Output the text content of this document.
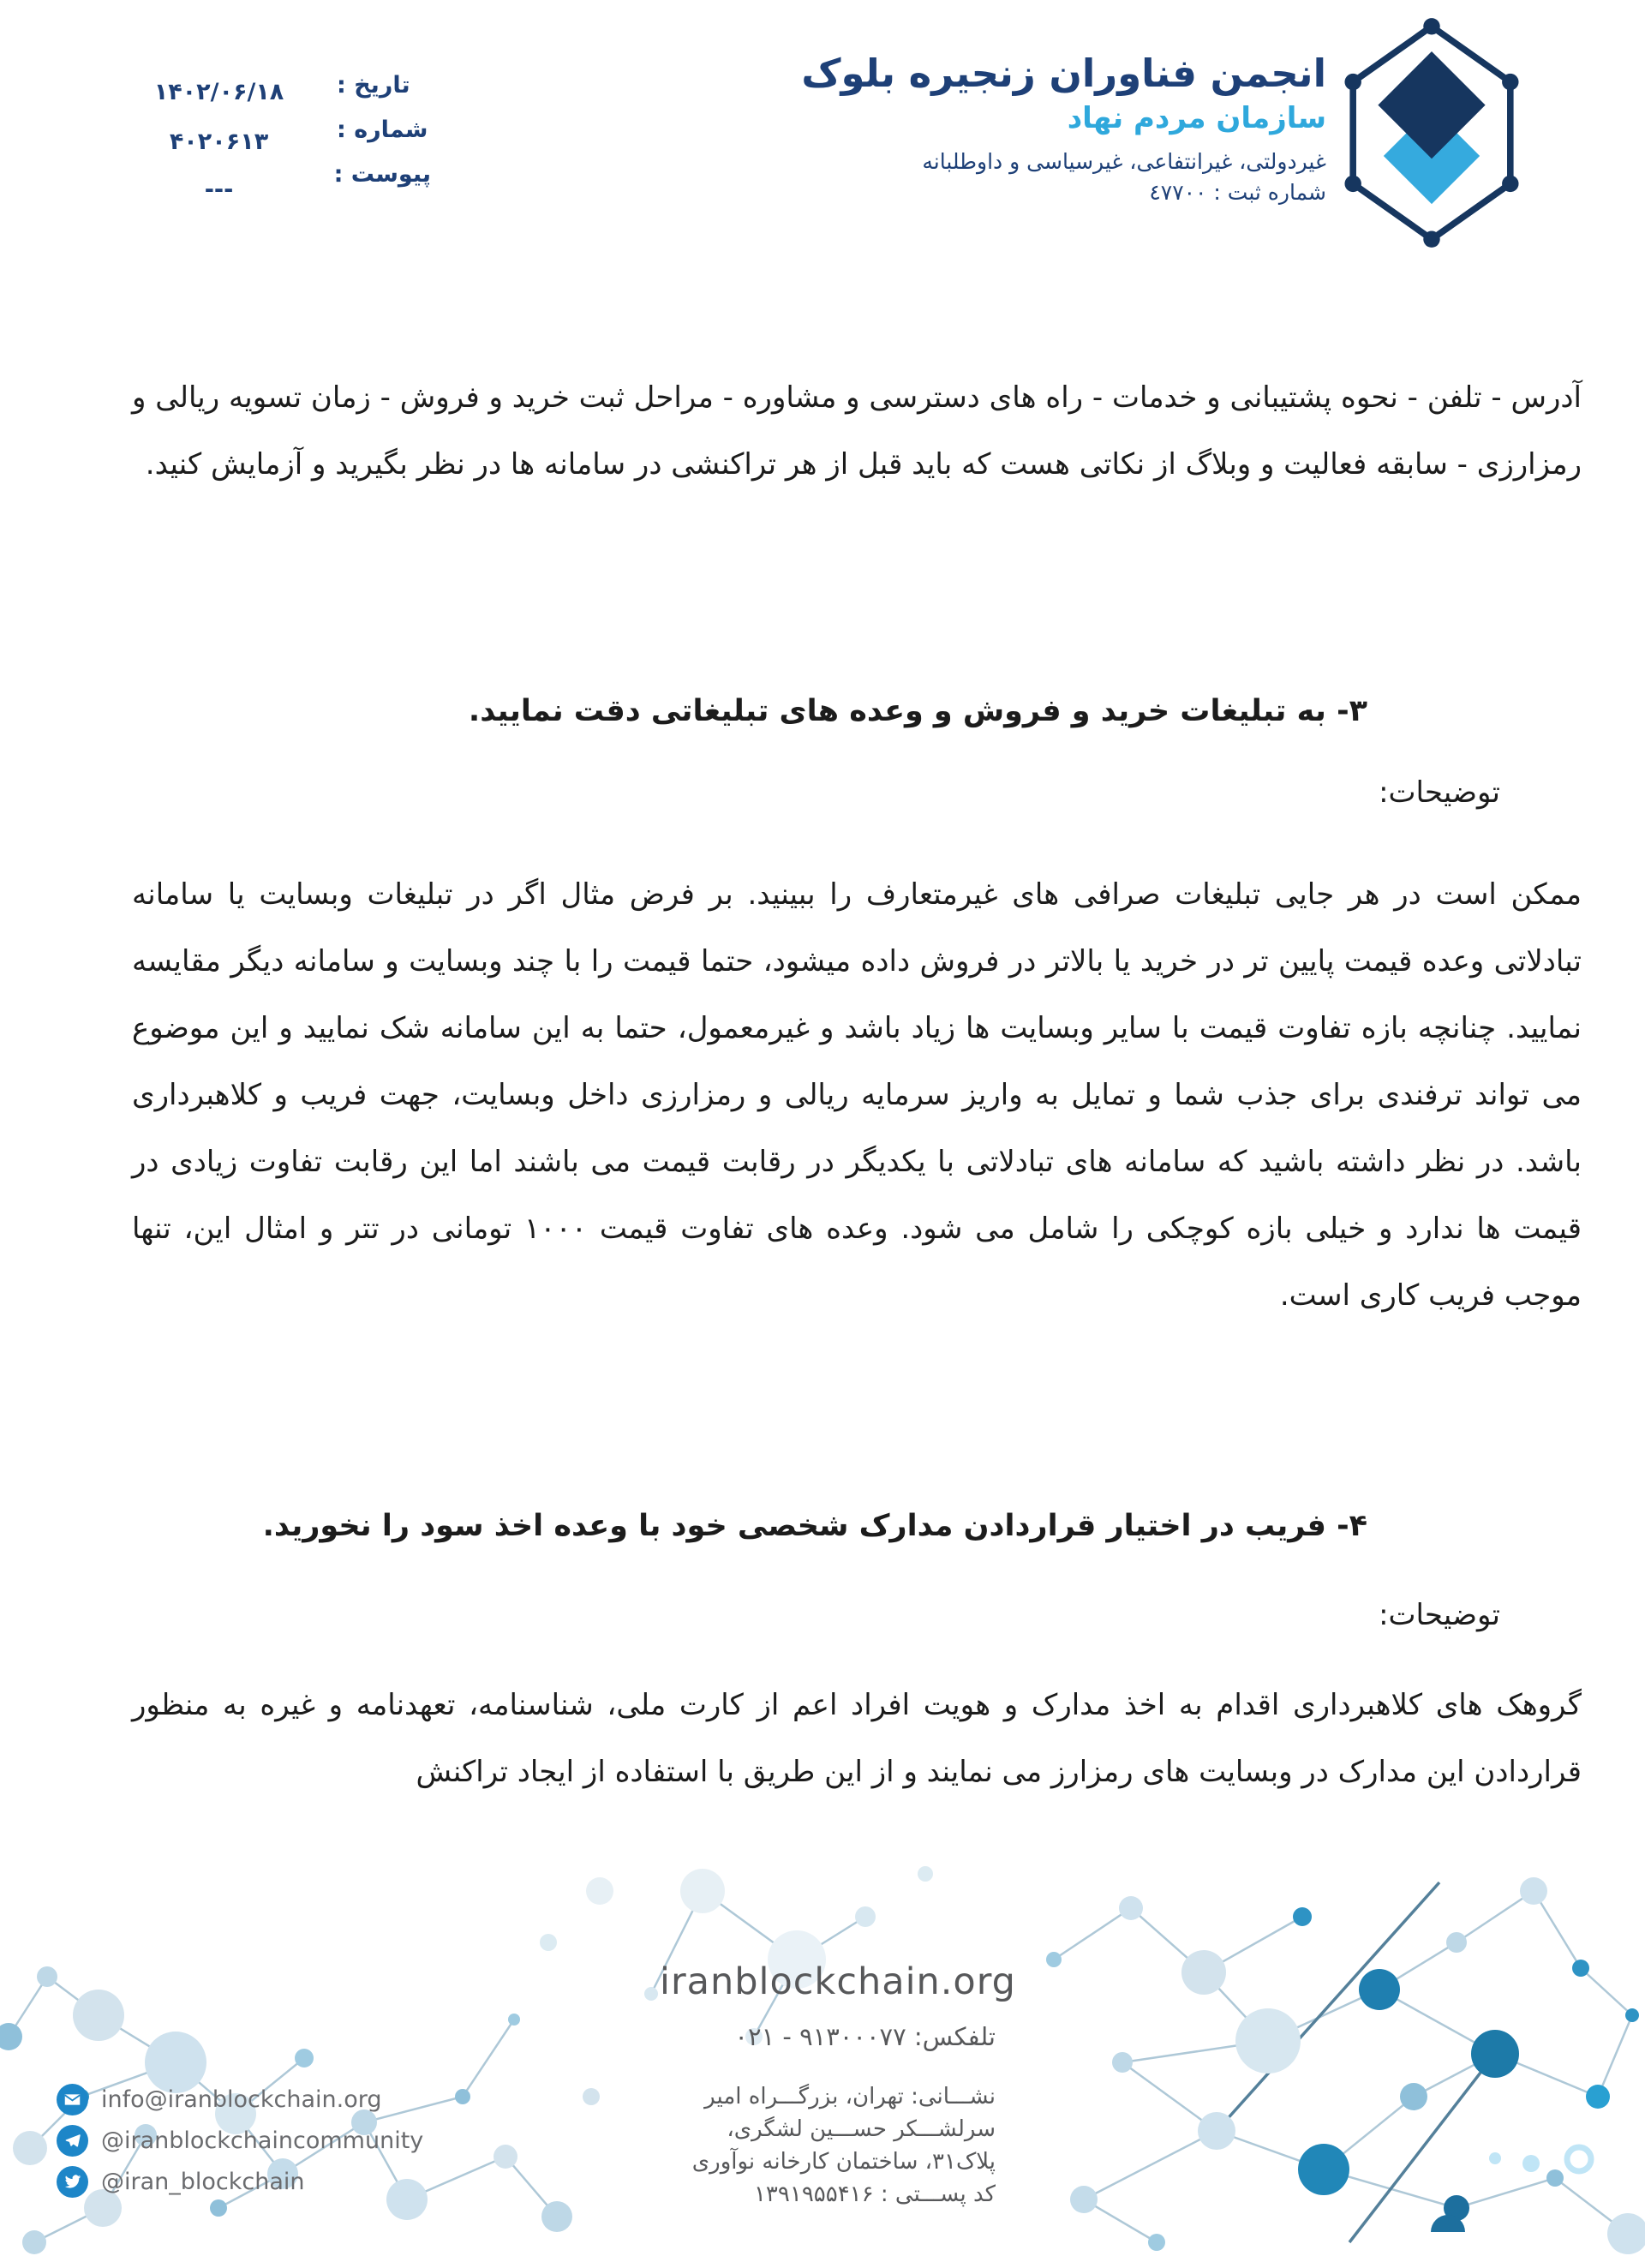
تاریخ :
۱۴۰۲/۰۶/۱۸
شماره :
۴۰۲۰۶۱۳
پیوست :
---
انجمن فناوران زنجیره بلوک
سازمان مردم نهاد
غیردولتی، غیرانتفاعی، غیرسیاسی و داوطلبانه
شماره ثبت : ٤٧٧٠٠
آدرس - تلفن - نحوه پشتیبانی و خدمات - راه های دسترسی و مشاوره - مراحل ثبت خرید و فروش - زمان تسویه ریالی و رمزارزی - سابقه فعالیت و وبلاگ از نکاتی هست که باید قبل از هر تراکنشی در سامانه ها در نظر بگیرید و آزمایش کنید.
۳- به تبلیغات خرید و فروش و وعده های تبلیغاتی دقت نمایید.
توضیحات:
ممکن است در هر جایی تبلیغات صرافی های غیرمتعارف را ببینید. بر فرض مثال اگر در تبلیغات وبسایت یا سامانه تبادلاتی وعده قیمت پایین تر در خرید یا بالاتر در فروش داده میشود، حتما قیمت را با چند وبسایت و سامانه دیگر مقایسه نمایید. چنانچه بازه تفاوت قیمت با سایر وبسایت ها زیاد باشد و غیرمعمول، حتما به این سامانه شک نمایید و این موضوع می تواند ترفندی برای جذب شما و تمایل به واریز سرمایه ریالی و رمزارزی داخل وبسایت، جهت فریب و کلاهبرداری باشد. در نظر داشته باشید که سامانه های تبادلاتی با یکدیگر در رقابت قیمت می باشند اما این رقابت تفاوت زیادی در قیمت ها ندارد و خیلی بازه کوچکی را شامل می شود. وعده های تفاوت قیمت ۱۰۰۰ تومانی در تتر و امثال این، تنها موجب فریب کاری است.
۴- فریب در اختیار قراردادن مدارک شخصی خود با وعده اخذ سود را نخورید.
توضیحات:
گروهک های کلاهبرداری اقدام به اخذ مدارک و هویت افراد اعم از کارت ملی، شناسنامه، تعهدنامه و غیره به منظور قراردادن این مدارک در وبسایت های رمزارز می نمایند و از این طریق با استفاده از ایجاد تراکنش
iranblockchain.org
تلفکس: ۹۱۳۰۰۰۷۷ - ۰۲۱
نشـــانی: تهران، بزرگـــراه امیر
سرلشـــکر حســـین لشگری،
پلاک۳۱، ساختمان کارخانه نوآوری
کد پســـتی : ۱۳۹۱۹۵۵۴۱۶
info@iranblockchain.org
@iranblockchaincommunity
@iran_blockchain
